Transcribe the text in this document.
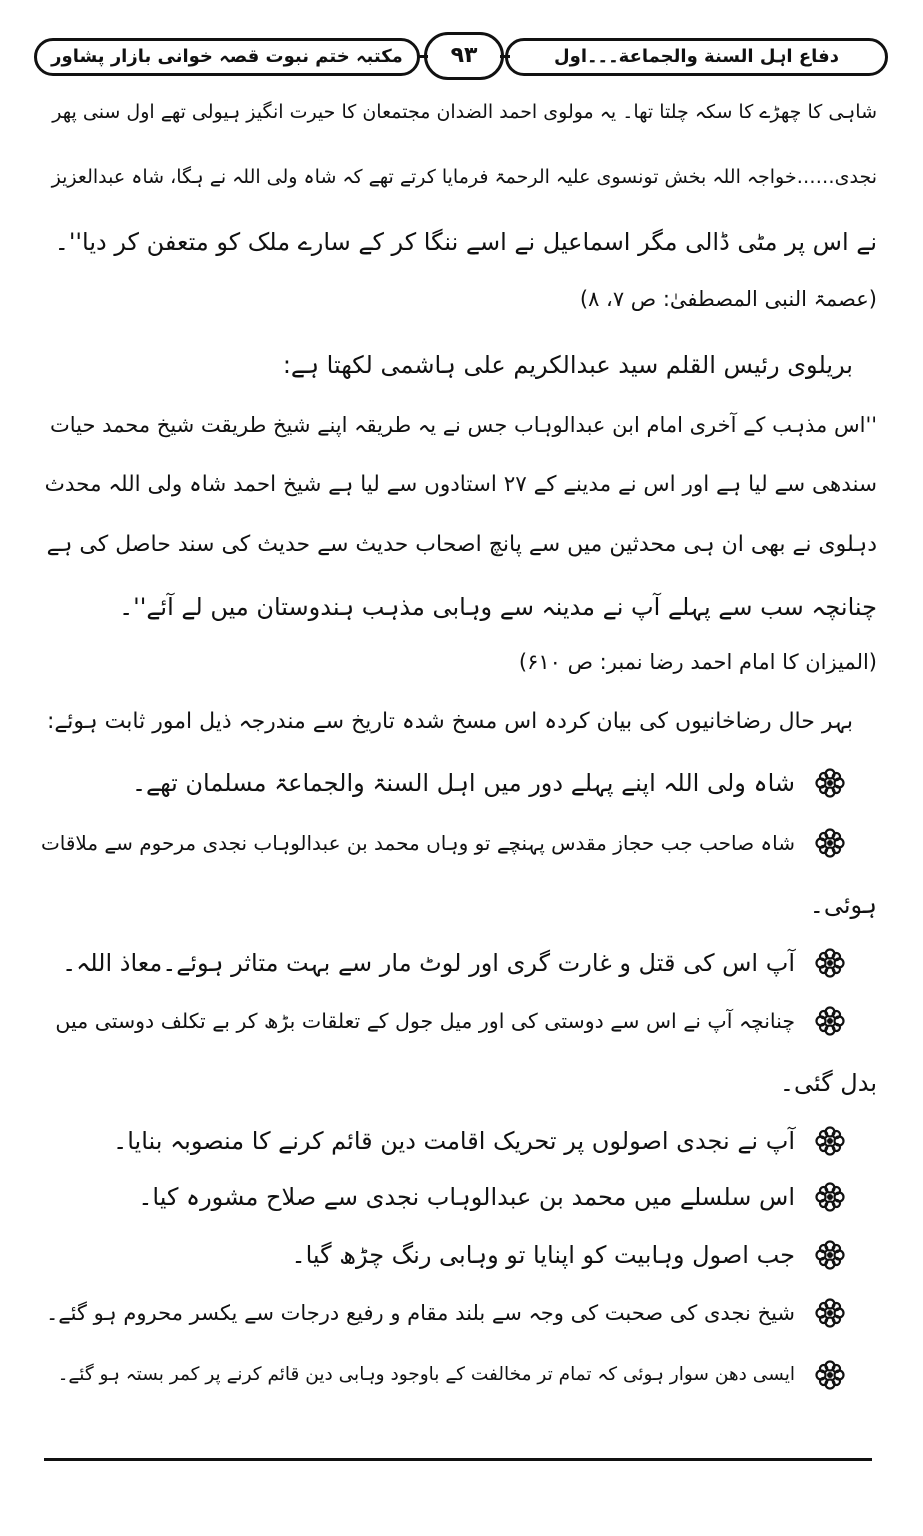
مکتبہ ختم نبوت قصہ خوانی بازار پشاور	۹۳	دفاع اہل السنة والجماعة۔۔۔اول
شاہی کا چھڑے کا سکہ چلتا تھا۔ یہ مولوی احمد الضدان مجتمعان کا حیرت انگیز ہیولی تھے اول سنی پھر
نجدی……خواجہ اللہ بخش تونسوی علیہ الرحمۃ فرمایا کرتے تھے کہ شاہ ولی اللہ نے ہگا، شاہ عبدالعزیز
نے اس پر مٹی ڈالی مگر اسماعیل نے اسے ننگا کر کے سارے ملک کو متعفن کر دیا''۔
(عصمۃ النبی المصطفیٰ: ص ۷، ۸)
بریلوی رئیس القلم سید عبدالکریم علی ہاشمی لکھتا ہے:
''اس مذہب کے آخری امام ابن عبدالوہاب جس نے یہ طریقہ اپنے شیخ طریقت شیخ محمد حیات
سندھی سے لیا ہے اور اس نے مدینے کے ۲۷ استادوں سے لیا ہے شیخ احمد شاہ ولی اللہ محدث
دہلوی نے بھی ان ہی محدثین میں سے پانچ اصحاب حدیث سے حدیث کی سند حاصل کی ہے
چنانچہ سب سے پہلے آپ نے مدینہ سے وہابی مذہب ہندوستان میں لے آئے''۔
(المیزان کا امام احمد رضا نمبر: ص ۶۱۰)
بہر حال رضاخانیوں کی بیان کردہ اس مسخ شدہ تاریخ سے مندرجہ ذیل امور ثابت ہوئے:
شاہ ولی اللہ اپنے پہلے دور میں اہل السنۃ والجماعۃ مسلمان تھے۔
شاہ صاحب جب حجاز مقدس پہنچے تو وہاں محمد بن عبدالوہاب نجدی مرحوم سے ملاقات
ہوئی۔
آپ اس کی قتل و غارت گری اور لوٹ مار سے بہت متاثر ہوئے۔معاذ اللہ۔
چنانچہ آپ نے اس سے دوستی کی اور میل جول کے تعلقات بڑھ کر بے تکلف دوستی میں
بدل گئی۔
آپ نے نجدی اصولوں پر تحریک اقامت دین قائم کرنے کا منصوبہ بنایا۔
اس سلسلے میں محمد بن عبدالوہاب نجدی سے صلاح مشورہ کیا۔
جب اصول وہابیت کو اپنایا تو وہابی رنگ چڑھ گیا۔
شیخ نجدی کی صحبت کی وجہ سے بلند مقام و رفیع درجات سے یکسر محروم ہو گئے۔
ایسی دھن سوار ہوئی کہ تمام تر مخالفت کے باوجود وہابی دین قائم کرنے پر کمر بستہ ہو گئے۔
